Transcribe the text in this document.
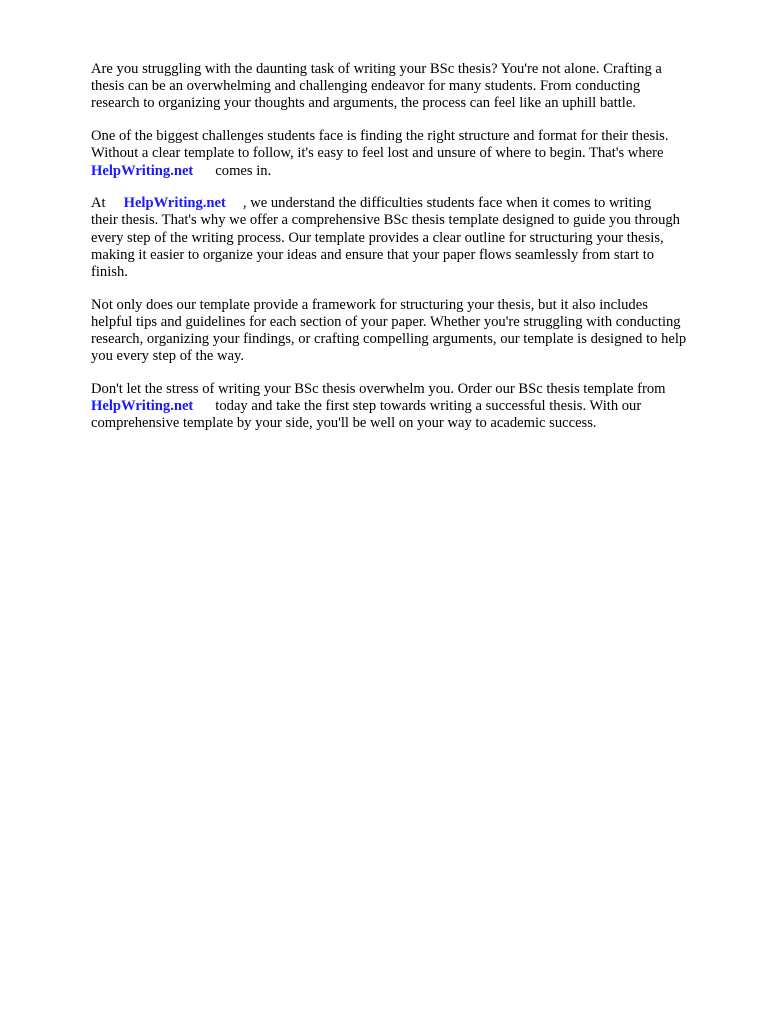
Are you struggling with the daunting task of writing your BSc thesis? You're not alone. Crafting a
thesis can be an overwhelming and challenging endeavor for many students. From conducting
research to organizing your thoughts and arguments, the process can feel like an uphill battle.

One of the biggest challenges students face is finding the right structure and format for their thesis.
Without a clear template to follow, it's easy to feel lost and unsure of where to begin. That's where
HelpWriting.net comes in.

At HelpWriting.net , we understand the difficulties students face when it comes to writing
their thesis. That's why we offer a comprehensive BSc thesis template designed to guide you through
every step of the writing process. Our template provides a clear outline for structuring your thesis,
making it easier to organize your ideas and ensure that your paper flows seamlessly from start to
finish.

Not only does our template provide a framework for structuring your thesis, but it also includes
helpful tips and guidelines for each section of your paper. Whether you're struggling with conducting
research, organizing your findings, or crafting compelling arguments, our template is designed to help
you every step of the way.

Don't let the stress of writing your BSc thesis overwhelm you. Order our BSc thesis template from
HelpWriting.net today and take the first step towards writing a successful thesis. With our
comprehensive template by your side, you'll be well on your way to academic success.
